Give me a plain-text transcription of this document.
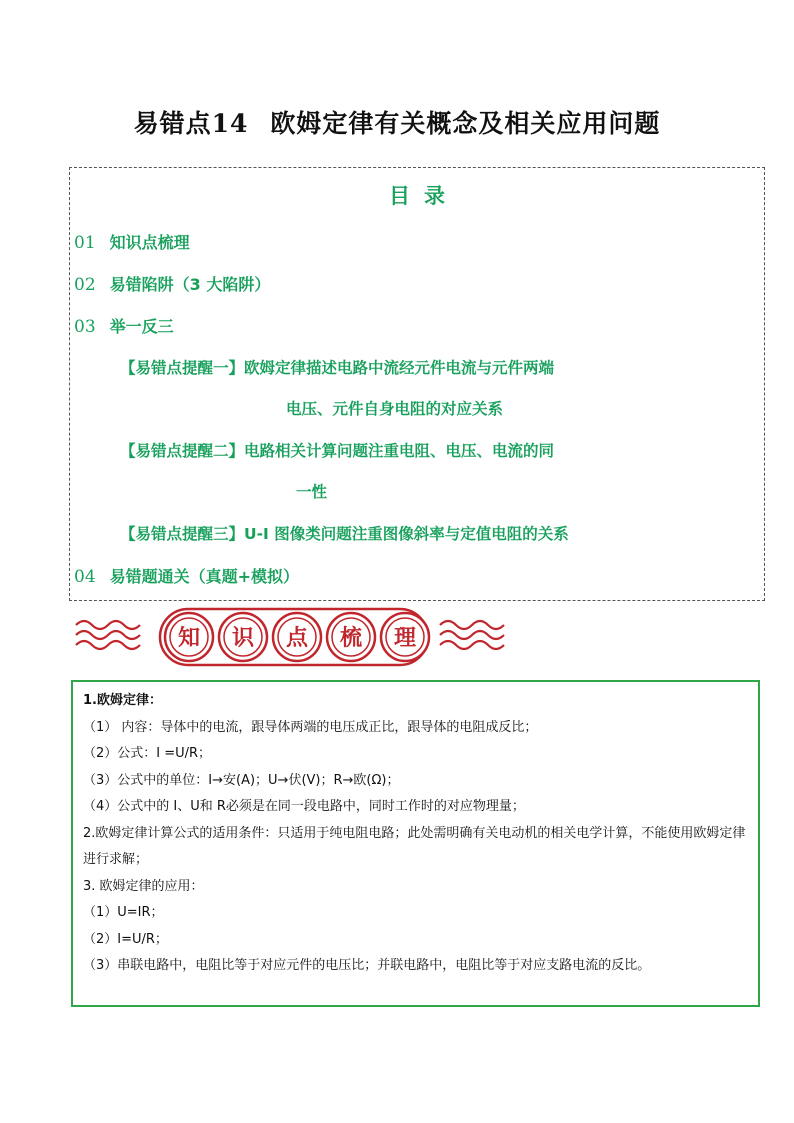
易错点14 欧姆定律有关概念及相关应用问题
目录
01 知识点梳理
02 易错陷阱（3 大陷阱）
03 举一反三
【易错点提醒一】欧姆定律描述电路中流经元件电流与元件两端
电压、元件自身电阻的对应关系
【易错点提醒二】电路相关计算问题注重电阻、电压、电流的同
一性
【易错点提醒三】U-I 图像类问题注重图像斜率与定值电阻的关系
04 易错题通关（真题+模拟）
知 识 点 梳 理

1.欧姆定律：

（1） 内容：导体中的电流，跟导体两端的电压成正比，跟导体的电阻成反比；

（2）公式：I =U/R；

（3）公式中的单位：I→安(A)；U→伏(V)；R→欧(Ω)；

（4）公式中的 I、U和 R必须是在同一段电路中，同时工作时的对应物理量；

2.欧姆定律计算公式的适用条件：只适用于纯电阻电路；此处需明确有关电动机的相关电学计算，不能使用欧姆定律进行求解；

3. 欧姆定律的应用：

（1）U=IR；

（2）I=U/R；

（3）串联电路中，电阻比等于对应元件的电压比；并联电路中，电阻比等于对应支路电流的反比。
